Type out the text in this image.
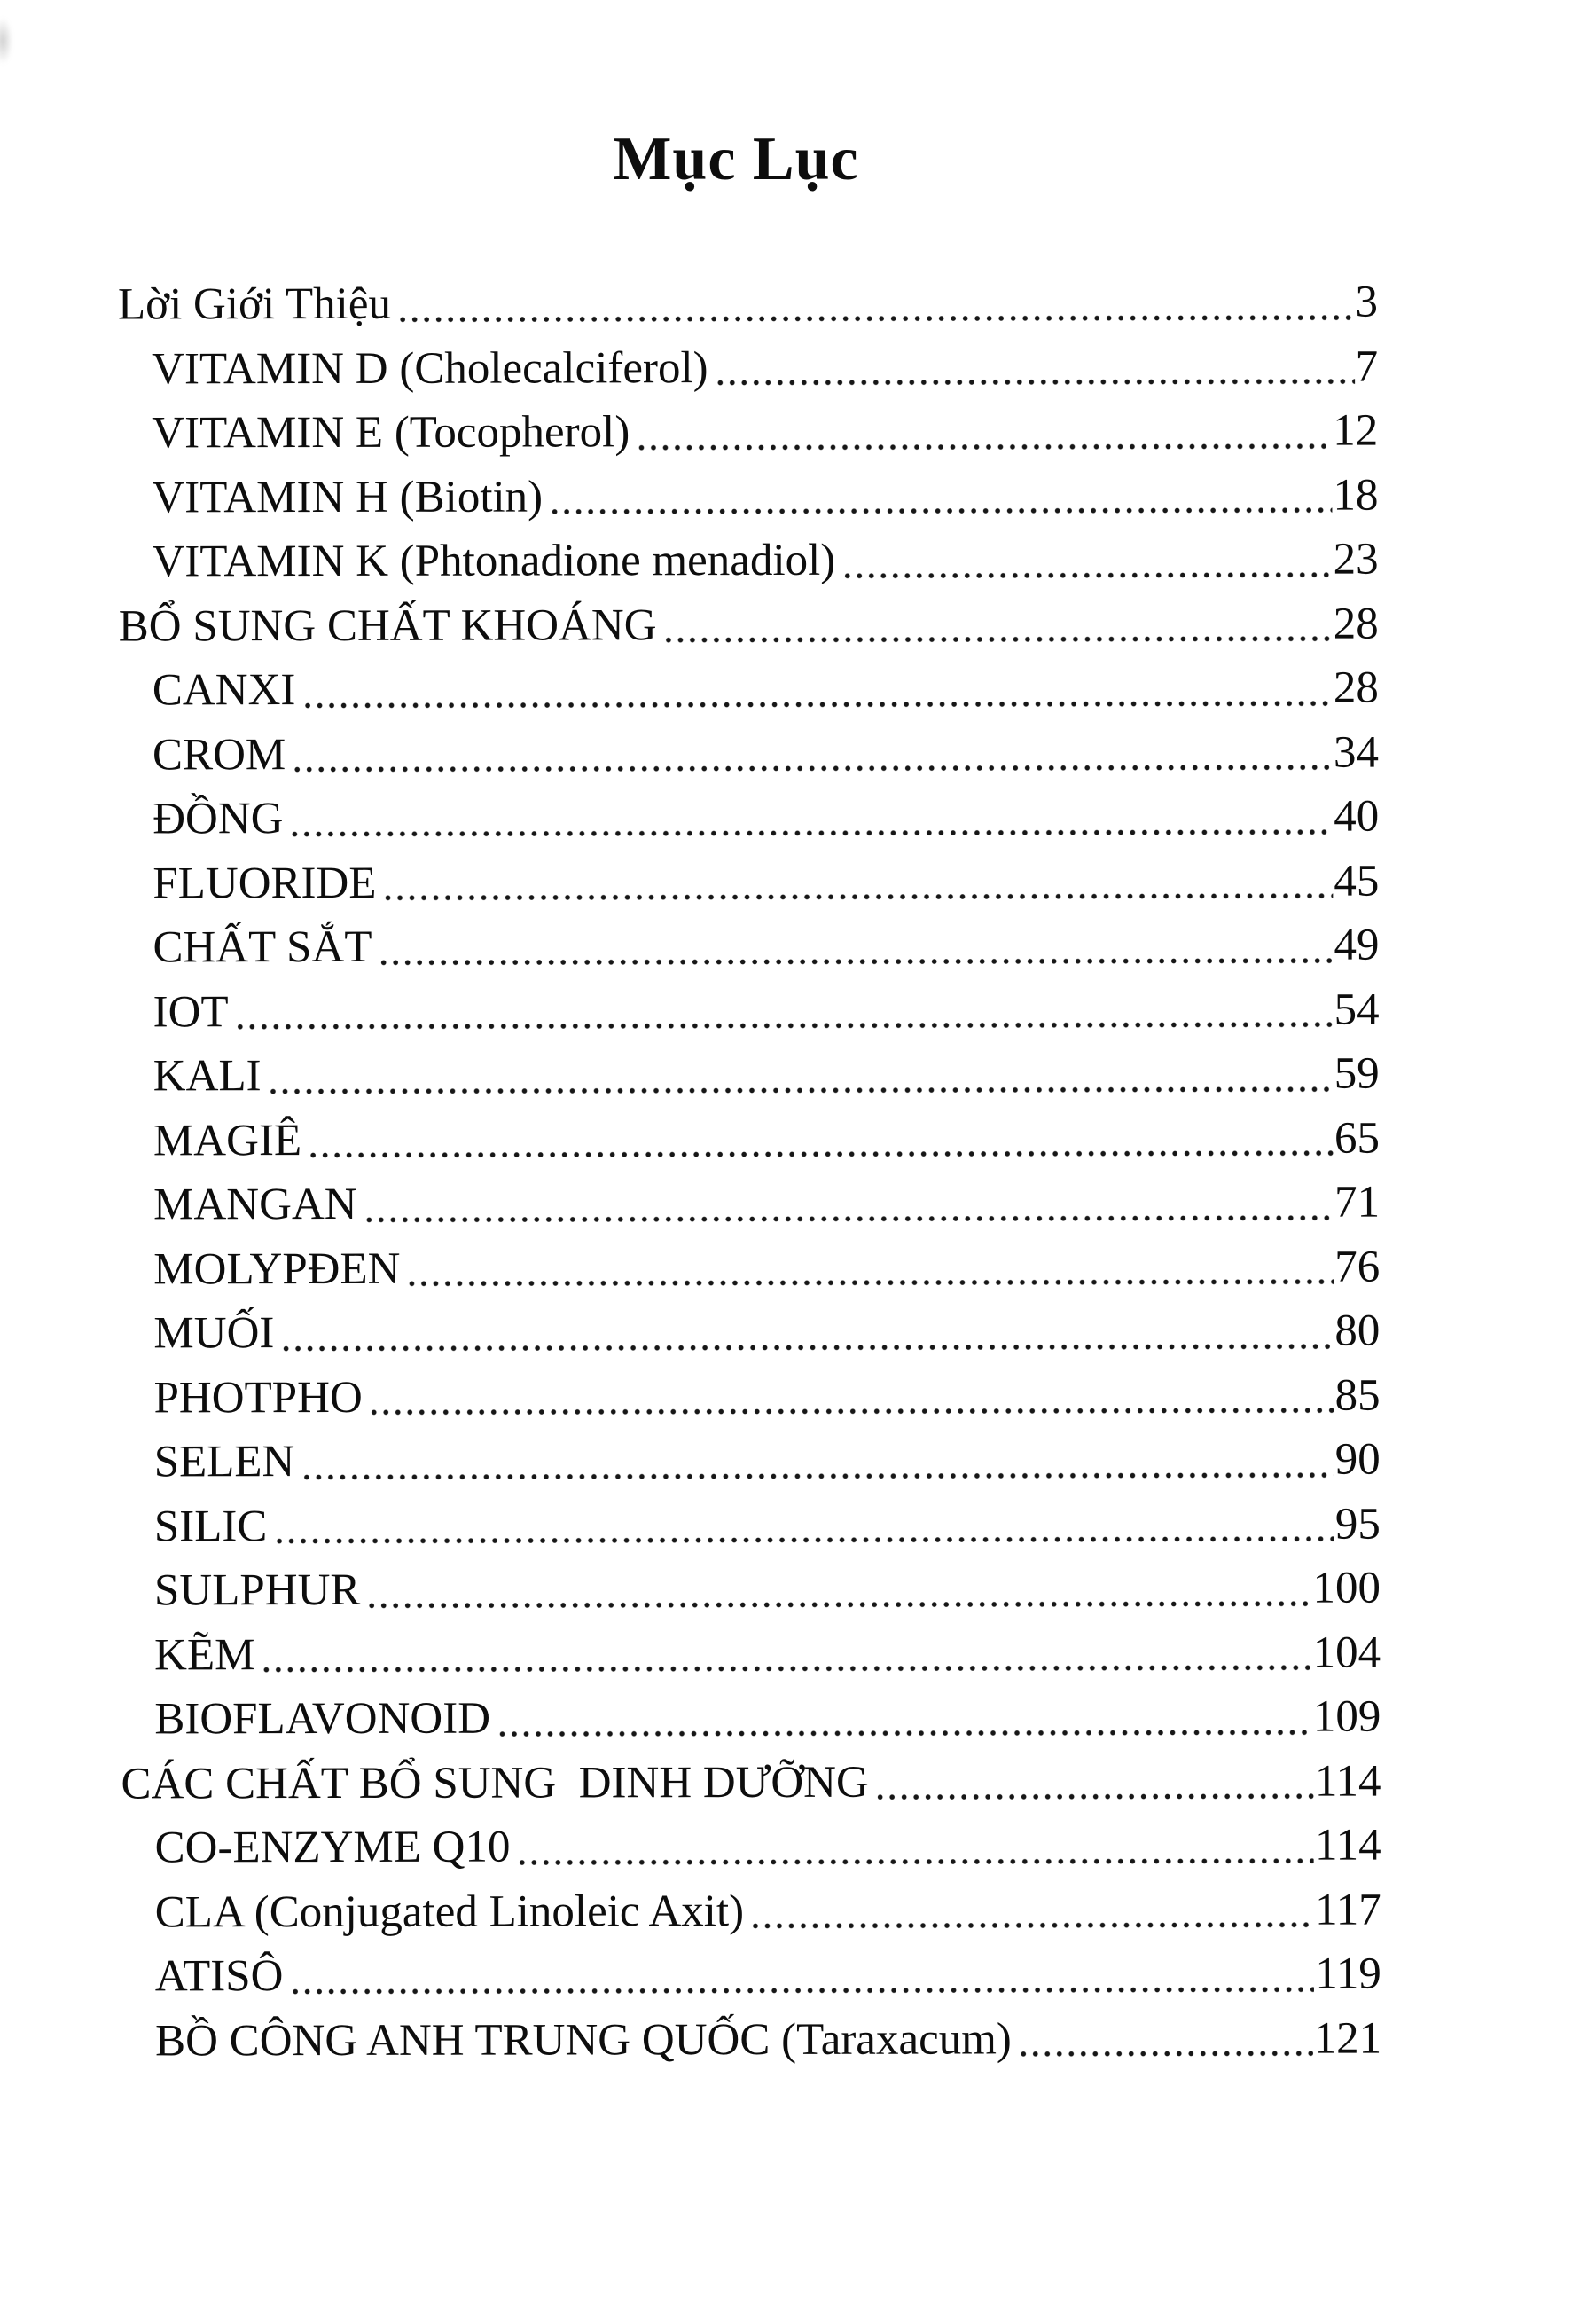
Mục Lục
Lời Giới Thiệu	3
VITAMIN D (Cholecalciferol)	7
VITAMIN E (Tocopherol)	12
VITAMIN H (Biotin)	18
VITAMIN K (Phtonadione menadiol)	23
BỔ SUNG CHẤT KHOÁNG	28
CANXI	28
CROM	34
ĐỒNG	40
FLUORIDE	45
CHẤT SẮT	49
IOT	54
KALI	59
MAGIÊ	65
MANGAN	71
MOLYPĐEN	76
MUỐI	80
PHOTPHO	85
SELEN	90
SILIC	95
SULPHUR	100
KẼM	104
BIOFLAVONOID	109
CÁC CHẤT BỔ SUNG  DINH DƯỠNG	114
CO-ENZYME Q10	114
CLA (Conjugated Linoleic Axit)	117
ATISÔ	119
BỒ CÔNG ANH TRUNG QUỐC (Taraxacum)	121
